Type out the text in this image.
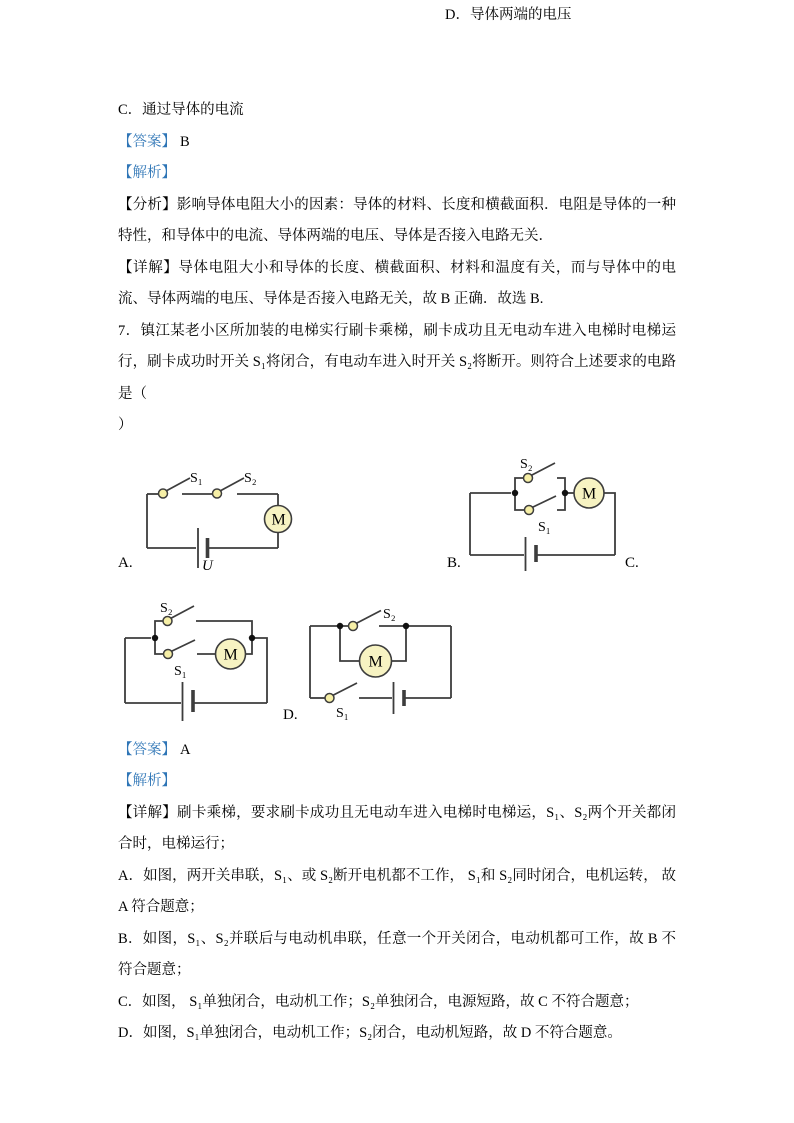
C．通过导体的电流
D．导体两端的电压

【答案】 B

【解析】

【分析】影响导体电阻大小的因素：导体的材料、长度和横截面积．电阻是导体的一种特性，和导体中的电流、导体两端的电压、导体是否接入电路无关．

【详解】导体电阻大小和导体的长度、横截面积、材料和温度有关，而与导体中的电流、导体两端的电压、导体是否接入电路无关，故 B 正确．故选 B.

7．镇江某老小区所加装的电梯实行刷卡乘梯，刷卡成功且无电动车进入电梯时电梯运行，刷卡成功时开关 S₁将闭合，有电动车进入时开关 S₂将断开。则符合上述要求的电路是（

）

A.
S₁	S₂
M
U	B.
S₂
S₁
M
C.
S₂
S₁
M
D.
S₂
S₁
M

【答案】 A

【解析】

【详解】刷卡乘梯，要求刷卡成功且无电动车进入电梯时电梯运，S₁、S₂两个开关都闭合时，电梯运行；

A．如图，两开关串联，S₁、或 S₂断开电机都不工作， S₁和 S₂同时闭合，电机运转， 故 A 符合题意；

B．如图，S₁、S₂并联后与电动机串联，任意一个开关闭合，电动机都可工作，故 B 不符合题意；

C．如图， S₁单独闭合，电动机工作；S₂单独闭合，电源短路，故 C 不符合题意；

D．如图，S₁单独闭合，电动机工作；S₂闭合，电动机短路，故 D 不符合题意。
